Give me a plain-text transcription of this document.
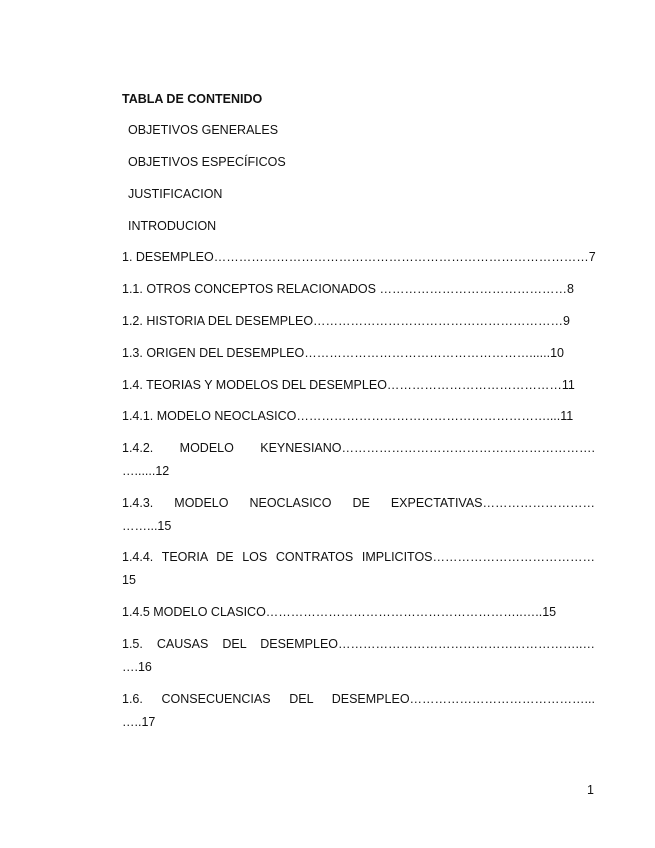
TABLA DE CONTENIDO
OBJETIVOS GENERALES
OBJETIVOS ESPECÍFICOS
JUSTIFICACION
INTRODUCION
1. DESEMPLEO………………………………………………………………………………7
1.1. OTROS CONCEPTOS RELACIONADOS ………………………………………8
1.2. HISTORIA DEL DESEMPLEO……………………………………………………9
1.3. ORIGEN DEL DESEMPLEO………………………………………………......10
1.4. TEORIAS Y MODELOS DEL DESEMPLEO……………………………………11
1.4.1. MODELO NEOCLASICO……………………………………………………....11
1.4.2. MODELO KEYNESIANO…………………………………………………….
…......12
1.4.3. MODELO NEOCLASICO DE EXPECTATIVAS………………………
……...15
1.4.4. TEORIA DE LOS CONTRATOS IMPLICITOS…………………………………
15
1.4.5 MODELO CLASICO……………………………………………………..…..15
1.5. CAUSAS DEL DESEMPLEO…………………………………………………..…
….16
1.6. CONSECUENCIAS DEL DESEMPLEO……………………………………...
…..17
1
